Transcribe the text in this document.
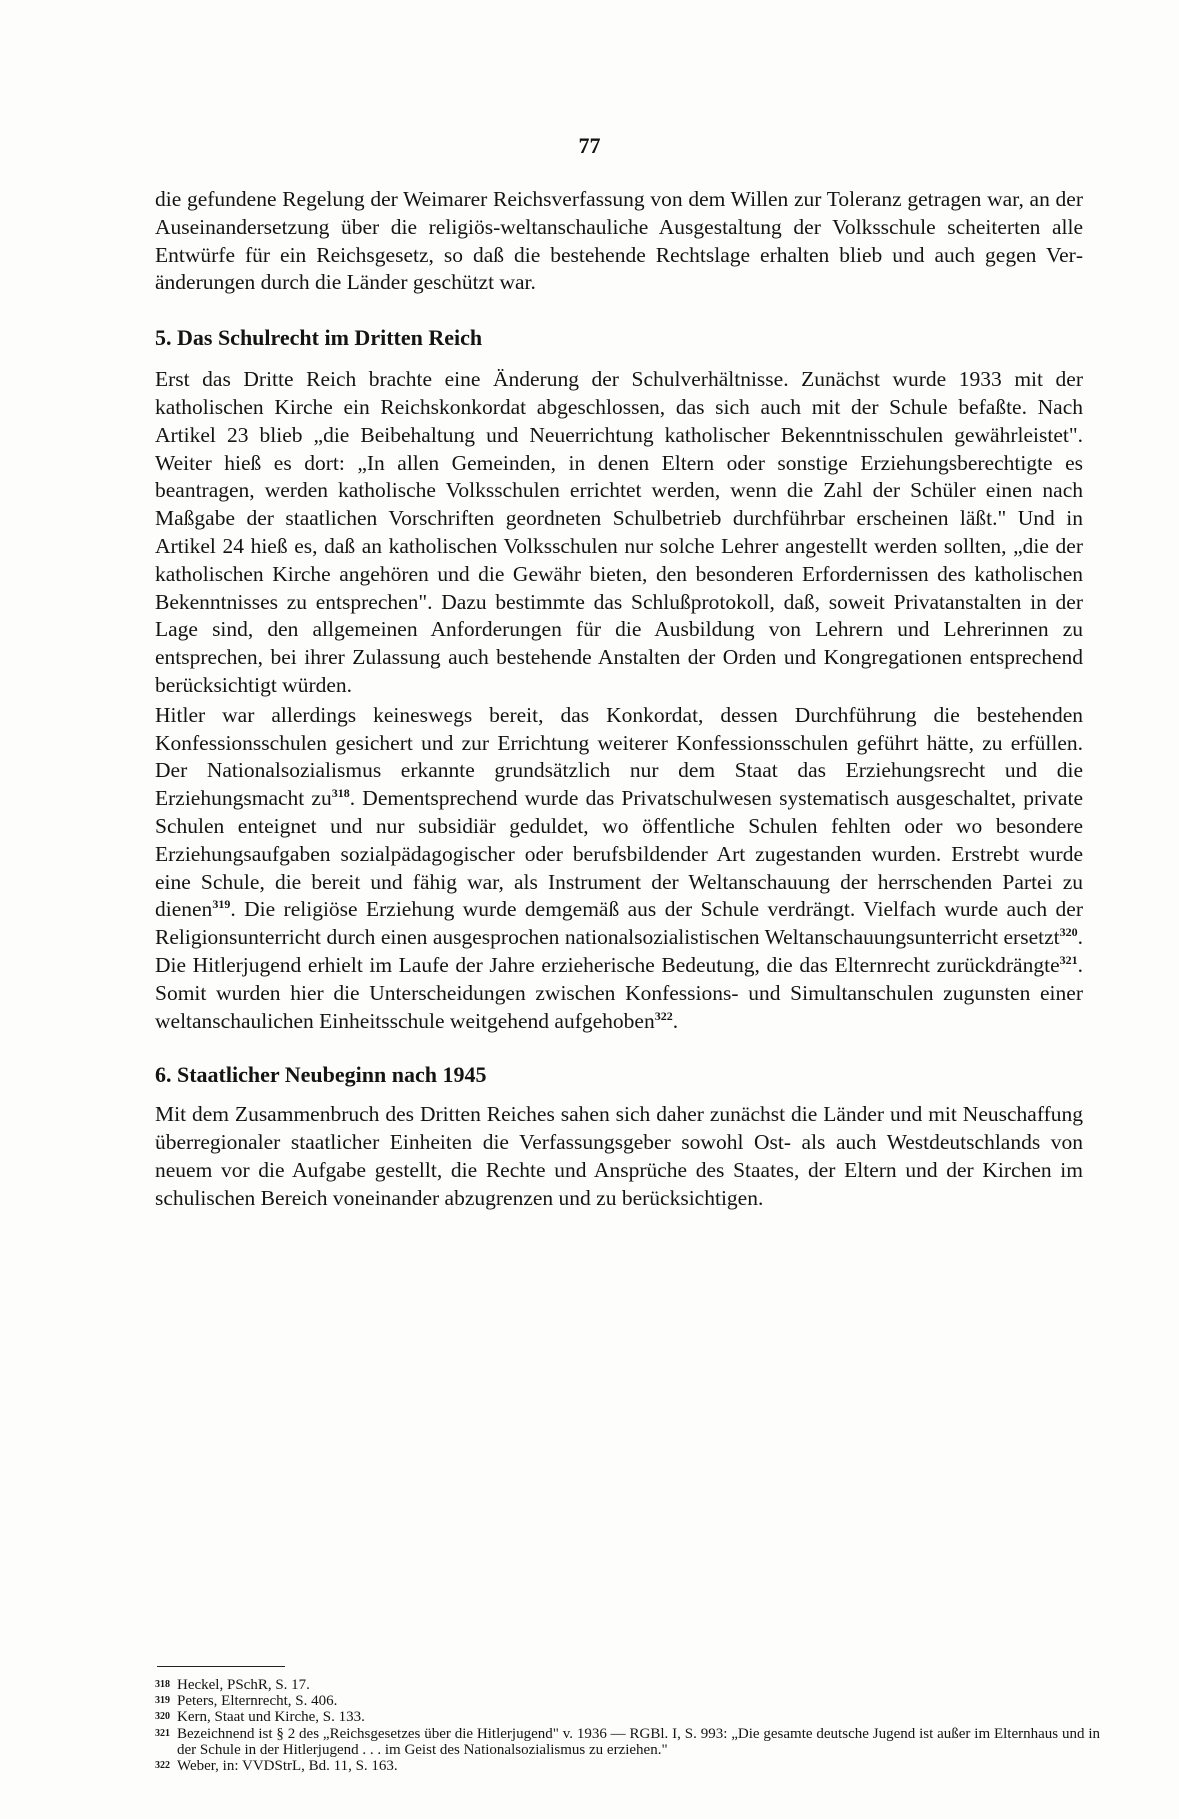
77

die gefundene Regelung der Weimarer Reichsverfassung von dem Willen zur Toleranz getragen war, an der Auseinandersetzung über die religiös-weltanschauliche Ausgestaltung der Volksschule scheiterten alle Entwürfe für ein Reichsgesetz, so daß die bestehende Rechtslage erhalten blieb und auch gegen Veränderungen durch die Länder geschützt war.

5. Das Schulrecht im Dritten Reich

Erst das Dritte Reich brachte eine Änderung der Schulverhältnisse. Zunächst wurde 1933 mit der katholischen Kirche ein Reichskonkordat abgeschlossen, das sich auch mit der Schule befaßte. Nach Artikel 23 blieb „die Beibehaltung und Neuerrichtung katholischer Bekenntnisschulen gewährleistet". Weiter hieß es dort: „In allen Gemeinden, in denen Eltern oder sonstige Erziehungsberechtigte es beantragen, werden katholische Volksschulen errichtet werden, wenn die Zahl der Schüler einen nach Maßgabe der staatlichen Vorschriften geordneten Schulbetrieb durchführbar erscheinen läßt." Und in Artikel 24 hieß es, daß an katholischen Volksschulen nur solche Lehrer angestellt werden sollten, „die der katholischen Kirche angehören und die Gewähr bieten, den besonderen Erfordernissen des katholischen Bekenntnisses zu entsprechen". Dazu bestimmte das Schlußprotokoll, daß, soweit Privatanstalten in der Lage sind, den allgemeinen Anforderungen für die Ausbildung von Lehrern und Lehrerinnen zu entsprechen, bei ihrer Zulassung auch bestehende Anstalten der Orden und Kongregationen entsprechend berücksichtigt würden.

Hitler war allerdings keineswegs bereit, das Konkordat, dessen Durchführung die bestehenden Konfessionsschulen gesichert und zur Errichtung weiterer Konfessionsschulen geführt hätte, zu erfüllen. Der Nationalsozialismus erkannte grundsätzlich nur dem Staat das Erziehungsrecht und die Erziehungsmacht $zu^{318}$. Dementsprechend wurde das Privatschulwesen systematisch ausgeschaltet, private Schulen enteignet und nur subsidiär geduldet, wo öffentliche Schulen fehlten oder wo besondere Erziehungsaufgaben sozialpädagogischer oder berufsbildender Art zugestanden wurden. Erstrebt wurde eine Schule, die bereit und fähig war, als Instrument der Weltanschauung der herrschenden Partei zu dienen$^{319}$. Die religiöse Erziehung wurde demgemäß aus der Schule verdrängt. Vielfach wurde auch der Religionsunterricht durch einen ausgesprochen nationalsozialistischen Weltanschauungsunterricht ersetzt$^{320}$. Die Hitlerjugend erhielt im Laufe der Jahre erzieherische Bedeutung, die das Elternrecht zurückdrängte$^{321}$. Somit wurden hier die Unterscheidungen zwischen Konfessions- und Simultanschulen zugunsten einer weltanschaulichen Einheitsschule weitgehend aufgehoben$^{322}$.

6. Staatlicher Neubeginn nach 1945

Mit dem Zusammenbruch des Dritten Reiches sahen sich daher zunächst die Länder und mit Neuschaffung überregionaler staatlicher Einheiten die Verfassungsgeber sowohl Ost- als auch Westdeutschlands von neuem vor die Aufgabe gestellt, die Rechte und Ansprüche des Staates, der Eltern und der Kirchen im schulischen Bereich voneinander abzugrenzen und zu berücksichtigen.

318 Heckel, PSchR, S. 17.
319 Peters, Elternrecht, S. 406.
320 Kern, Staat und Kirche, S. 133.
321 Bezeichnend ist § 2 des „Reichsgesetzes über die Hitlerjugend" v. 1936 — RGBl. I, S. 993: „Die gesamte deutsche Jugend ist außer im Elternhaus und in der Schule in der Hitlerjugend . . . im Geist des Nationalsozialismus zu erziehen."
322 Weber, in: VVDStrL, Bd. 11, S. 163.
